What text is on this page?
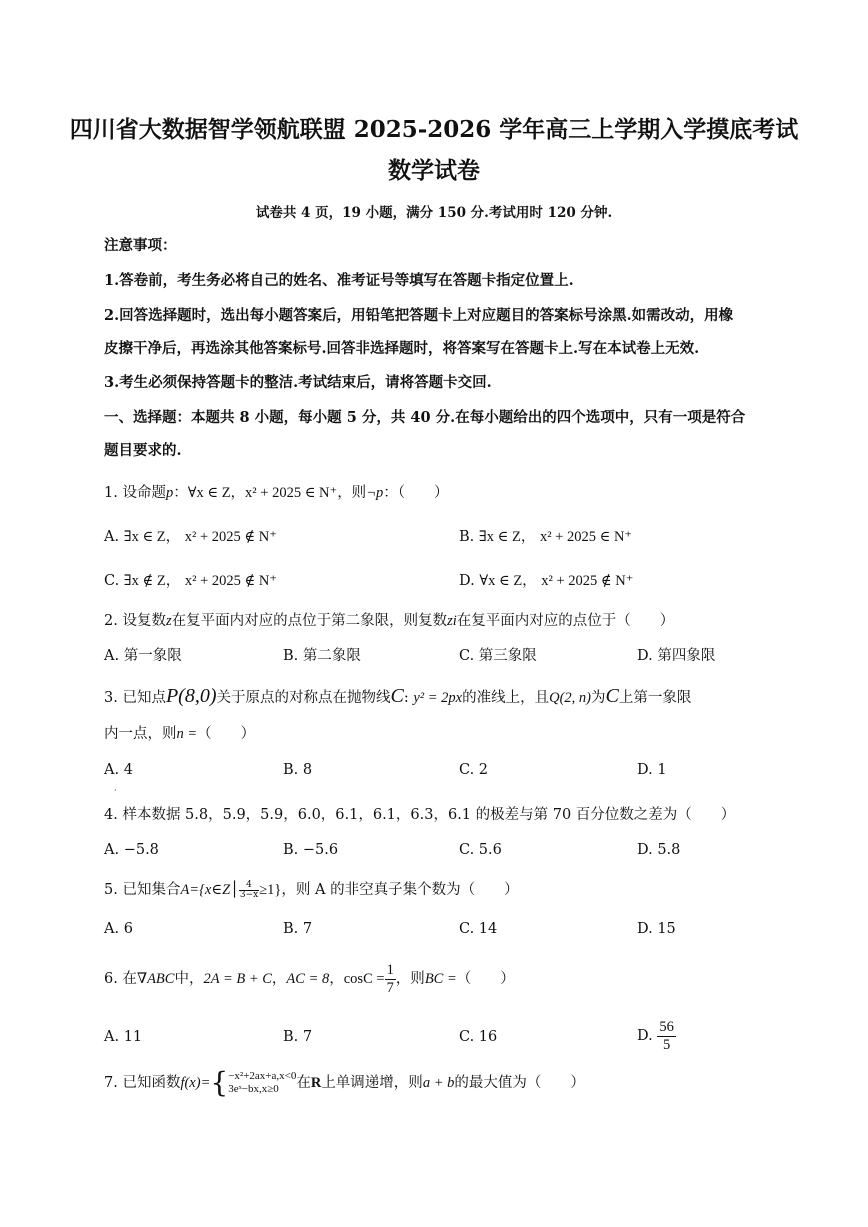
四川省大数据智学领航联盟 2025-2026 学年高三上学期入学摸底考试
数学试卷
试卷共 4 页，19 小题，满分 150 分.考试用时 120 分钟.
注意事项：
1.答卷前，考生务必将自己的姓名、准考证号等填写在答题卡指定位置上.
2.回答选择题时，选出每小题答案后，用铅笔把答题卡上对应题目的答案标号涂黑.如需改动，用橡
皮擦干净后，再选涂其他答案标号.回答非选择题时，将答案写在答题卡上.写在本试卷上无效.
3.考生必须保持答题卡的整洁.考试结束后，请将答题卡交回.
一、选择题：本题共 8 小题，每小题 5 分，共 40 分.在每小题给出的四个选项中，只有一项是符合
题目要求的.
1. 设命题p：∀x ∈ Z，x² + 2025 ∈ N⁺，则¬p：（　　）
A. ∃x ∈ Z， x² + 2025 ∉ N⁺	B. ∃x ∈ Z， x² + 2025 ∈ N⁺
C. ∃x ∉ Z， x² + 2025 ∉ N⁺	D. ∀x ∈ Z， x² + 2025 ∉ N⁺
2. 设复数z在复平面内对应的点位于第二象限，则复数zi在复平面内对应的点位于（　　）
A. 第一象限	B. 第二象限	C. 第三象限	D. 第四象限
3. 已知点P(8,0)关于原点的对称点在抛物线C: y² = 2px的准线上，且Q(2, n)为C上第一象限
内一点，则n =（　　）
A. 4
·
B. 8	C. 2	D. 1
4. 样本数据 5.8，5.9，5.9，6.0，6.1，6.1，6.3，6.1 的极差与第 70 百分位数之差为（　　）
A. −5.8	B. −5.6	C. 5.6	D. 5.8
5. 已知集合A={x∈Z│ $\frac{4}{3-x} \ge 1$}，则 A 的非空真子集个数为（　　）
A. 6	B. 7	C. 14	D. 15
6. 在∇ABC中，2A = B + C，AC = 8，$\cos C = \frac{1}{7}$ ，则BC =（　　）
A. 11	B. 7	C. 16	D. $\frac{56}{5}$
7. 已知函数f(x)={ −x²+2ax+a,x<0
3eˣ−bx,x≥0	在R上单调递增，则a + b的最大值为（　　）
